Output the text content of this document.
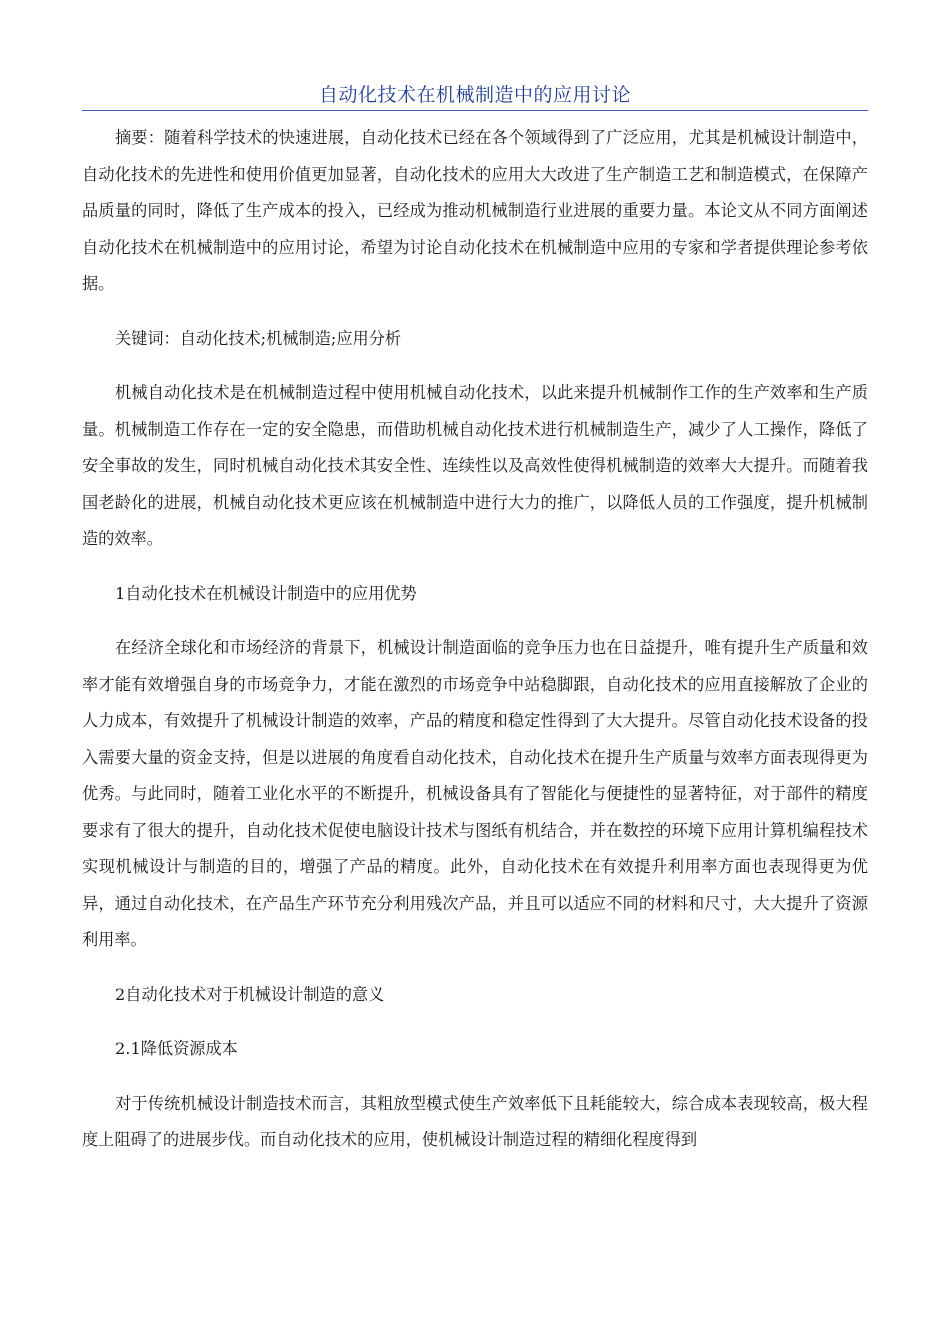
自动化技术在机械制造中的应用讨论

摘要：随着科学技术的快速进展，自动化技术已经在各个领域得到了广泛应用，尤其是机械设计制造中，自动化技术的先进性和使用价值更加显著，自动化技术的应用大大改进了生产制造工艺和制造模式，在保障产品质量的同时，降低了生产成本的投入，已经成为推动机械制造行业进展的重要力量。本论文从不同方面阐述自动化技术在机械制造中的应用讨论，希望为讨论自动化技术在机械制造中应用的专家和学者提供理论参考依据。

关键词：自动化技术;机械制造;应用分析

机械自动化技术是在机械制造过程中使用机械自动化技术，以此来提升机械制作工作的生产效率和生产质量。机械制造工作存在一定的安全隐患，而借助机械自动化技术进行机械制造生产，减少了人工操作，降低了安全事故的发生，同时机械自动化技术其安全性、连续性以及高效性使得机械制造的效率大大提升。而随着我国老龄化的进展，机械自动化技术更应该在机械制造中进行大力的推广，以降低人员的工作强度，提升机械制造的效率。

1自动化技术在机械设计制造中的应用优势

在经济全球化和市场经济的背景下，机械设计制造面临的竞争压力也在日益提升，唯有提升生产质量和效率才能有效增强自身的市场竞争力，才能在激烈的市场竞争中站稳脚跟，自动化技术的应用直接解放了企业的人力成本，有效提升了机械设计制造的效率，产品的精度和稳定性得到了大大提升。尽管自动化技术设备的投入需要大量的资金支持，但是以进展的角度看自动化技术，自动化技术在提升生产质量与效率方面表现得更为优秀。与此同时，随着工业化水平的不断提升，机械设备具有了智能化与便捷性的显著特征，对于部件的精度要求有了很大的提升，自动化技术促使电脑设计技术与图纸有机结合，并在数控的环境下应用计算机编程技术实现机械设计与制造的目的，增强了产品的精度。此外，自动化技术在有效提升利用率方面也表现得更为优异，通过自动化技术，在产品生产环节充分利用残次产品，并且可以适应不同的材料和尺寸，大大提升了资源利用率。

2自动化技术对于机械设计制造的意义

2.1降低资源成本

对于传统机械设计制造技术而言，其粗放型模式使生产效率低下且耗能较大，综合成本表现较高，极大程度上阻碍了的进展步伐。而自动化技术的应用，使机械设计制造过程的精细化程度得到
